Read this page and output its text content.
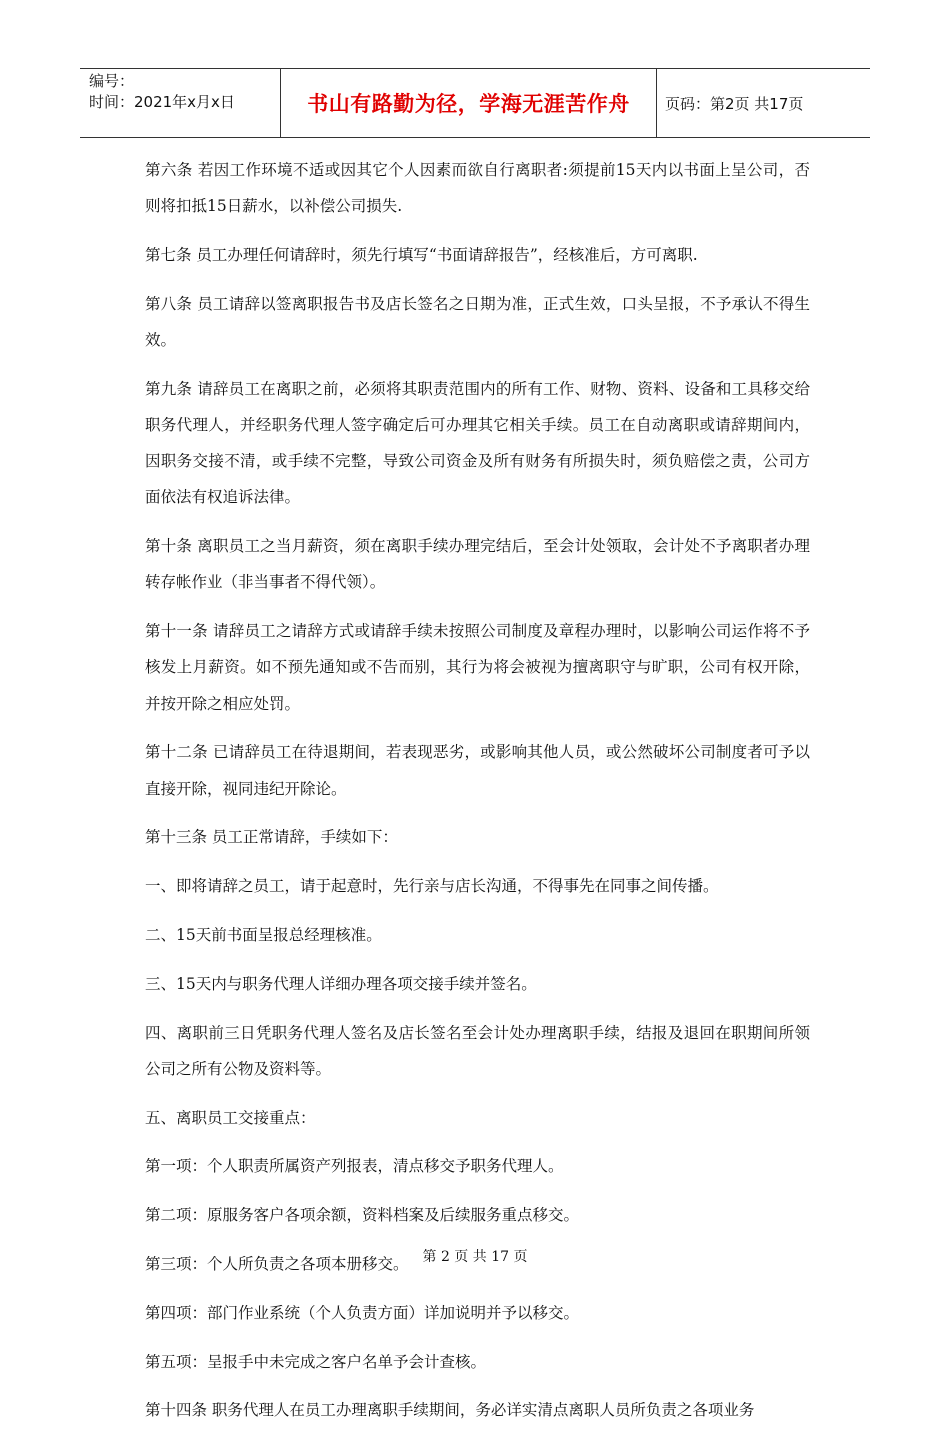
编号：
时间：2021年x月x日	书山有路勤为径，学海无涯苦作舟 页码：第2页 共17页

第六条 若因工作环境不适或因其它个人因素而欲自行离职者:须提前15天内以书面上呈公司，否则将扣抵15日薪水，以补偿公司损失.

第七条 员工办理任何请辞时，须先行填写“书面请辞报告”，经核准后，方可离职.

第八条 员工请辞以签离职报告书及店长签名之日期为准，正式生效，口头呈报，不予承认不得生效。

第九条 请辞员工在离职之前，必须将其职责范围内的所有工作、财物、资料、设备和工具移交给职务代理人，并经职务代理人签字确定后可办理其它相关手续。员工在自动离职或请辞期间内，因职务交接不清，或手续不完整，导致公司资金及所有财务有所损失时，须负赔偿之责，公司方面依法有权追诉法律。

第十条 离职员工之当月薪资，须在离职手续办理完结后，至会计处领取，会计处不予离职者办理转存帐作业（非当事者不得代领）。

第十一条 请辞员工之请辞方式或请辞手续未按照公司制度及章程办理时，以影响公司运作将不予核发上月薪资。如不预先通知或不告而别，其行为将会被视为擅离职守与旷职，公司有权开除，并按开除之相应处罚。

第十二条 已请辞员工在待退期间，若表现恶劣，或影响其他人员，或公然破坏公司制度者可予以直接开除，视同违纪开除论。

第十三条 员工正常请辞，手续如下：

一、即将请辞之员工，请于起意时，先行亲与店长沟通，不得事先在同事之间传播。

二、15天前书面呈报总经理核准。

三、15天内与职务代理人详细办理各项交接手续并签名。

四、离职前三日凭职务代理人签名及店长签名至会计处办理离职手续，结报及退回在职期间所领公司之所有公物及资料等。

五、离职员工交接重点：

第一项：个人职责所属资产列报表，清点移交予职务代理人。

第二项：原服务客户各项余额，资料档案及后续服务重点移交。

第三项：个人所负责之各项本册移交。

第四项：部门作业系统（个人负责方面）详加说明并予以移交。

第五项：呈报手中未完成之客户名单予会计查核。

第十四条 职务代理人在员工办理离职手续期间，务必详实清点离职人员所负责之各项业务

第 2 页 共 17 页
